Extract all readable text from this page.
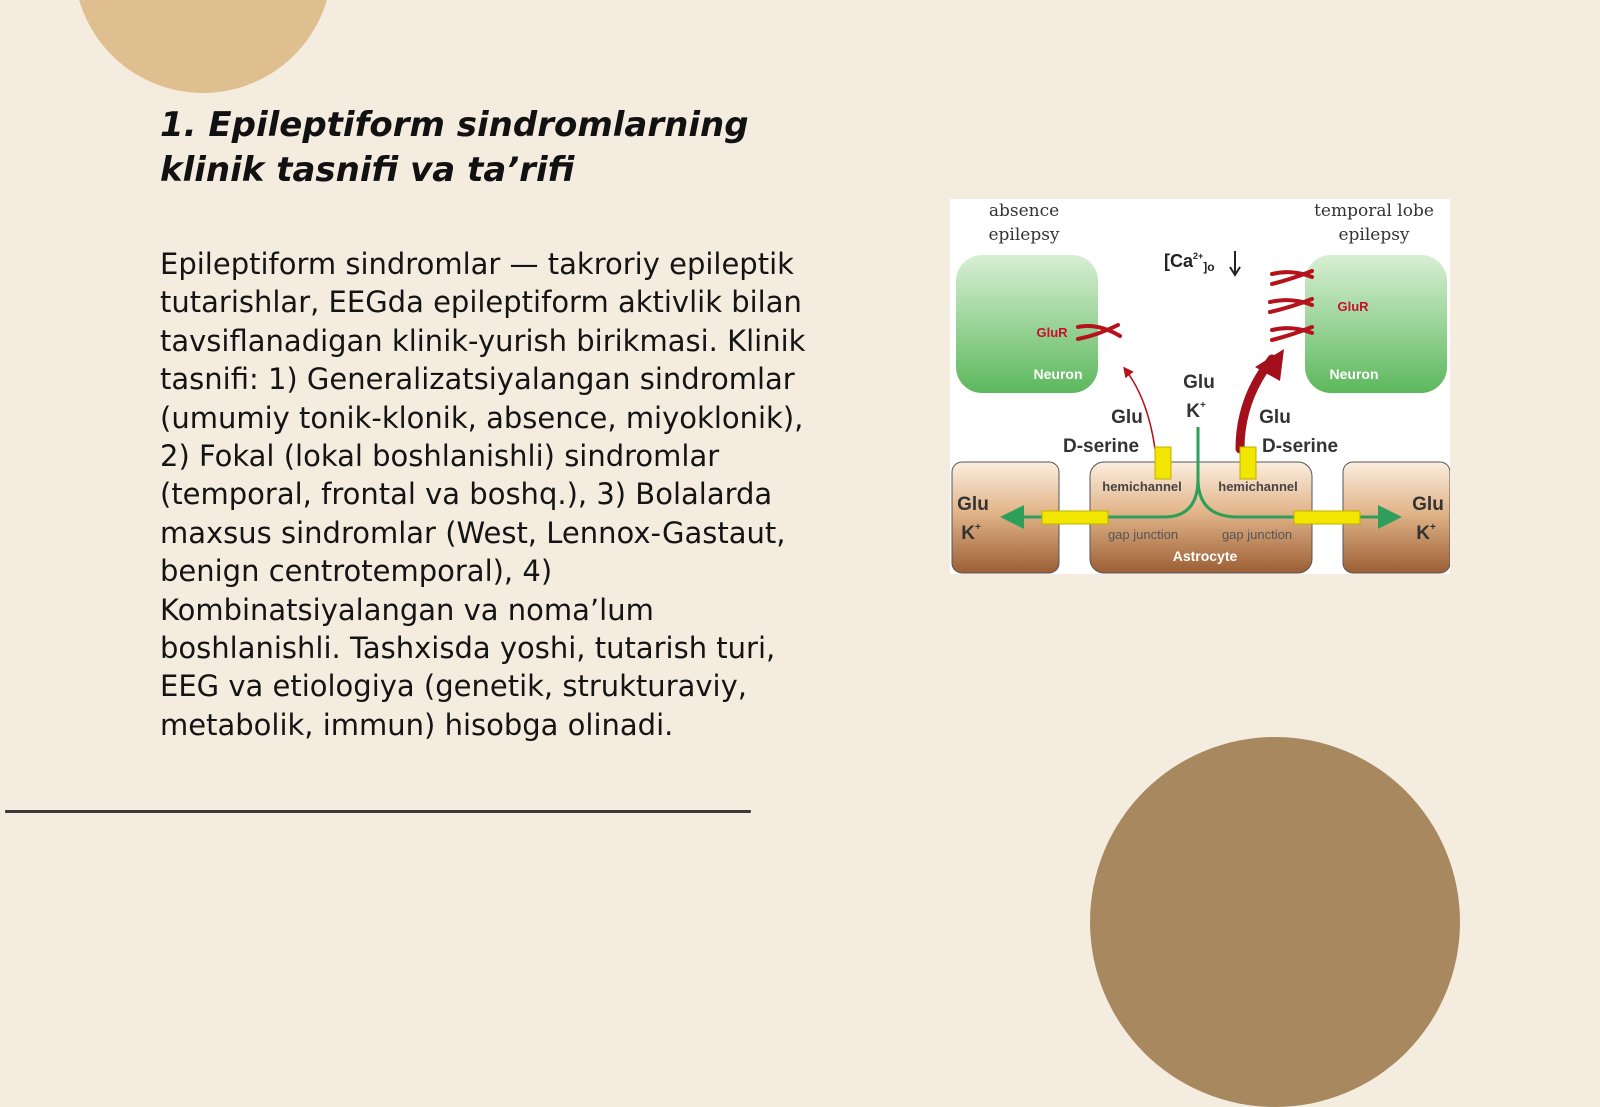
1. Epileptiform sindromlarning klinik tasnifi va ta’rifi

Epileptiform sindromlar — takroriy epileptik tutarishlar, EEGda epileptiform aktivlik bilan tavsiflanadigan klinik-yurish birikmasi. Klinik tasnifi: 1) Generalizatsiyalangan sindromlar (umumiy tonik-klonik, absence, miyoklonik), 2) Fokal (lokal boshlanishli) sindromlar (temporal, frontal va boshq.), 3) Bolalarda maxsus sindromlar (West, Lennox-Gastaut, benign centrotemporal), 4) Kombinatsiyalangan va noma’lum boshlanishli. Tashxisda yoshi, tutarish turi, EEG va etiologiya (genetik, strukturaviy, metabolik, immun) hisobga olinadi.

absence
epilepsy
temporal lobe
epilepsy
[$Ca^{2+}_{]o}$
Neuron	Neuron
GluR
GluR
Glu
K+
Glu
D-serine
Glu
D-serine
hemichannel	hemichannel
gap junction	gap junction
Astrocyte
Glu
K+
Glu
K+
